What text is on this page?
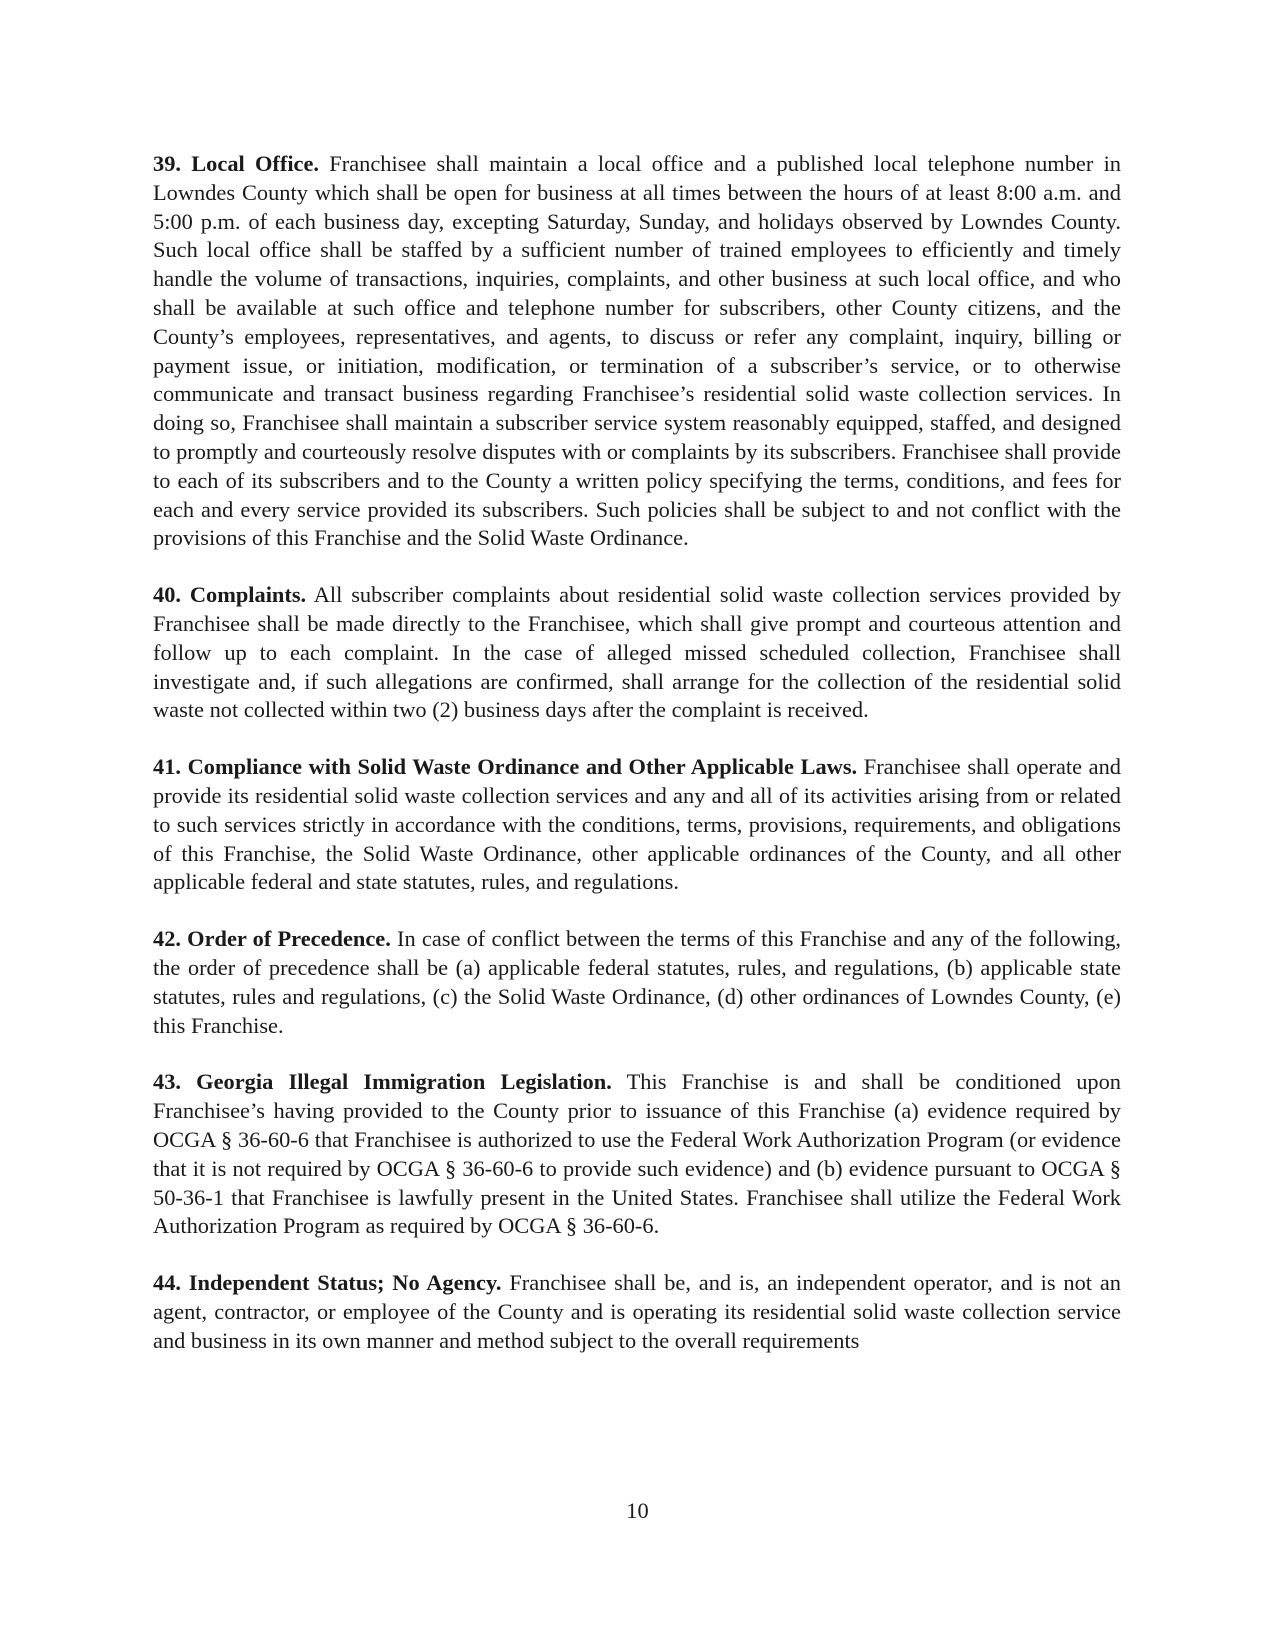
39. Local Office. Franchisee shall maintain a local office and a published local telephone number in Lowndes County which shall be open for business at all times between the hours of at least 8:00 a.m. and 5:00 p.m. of each business day, excepting Saturday, Sunday, and holidays observed by Lowndes County. Such local office shall be staffed by a sufficient number of trained employees to efficiently and timely handle the volume of transactions, inquiries, complaints, and other business at such local office, and who shall be available at such office and telephone number for subscribers, other County citizens, and the County’s employees, representatives, and agents, to discuss or refer any complaint, inquiry, billing or payment issue, or initiation, modification, or termination of a subscriber’s service, or to otherwise communicate and transact business regarding Franchisee’s residential solid waste collection services. In doing so, Franchisee shall maintain a subscriber service system reasonably equipped, staffed, and designed to promptly and courteously resolve disputes with or complaints by its subscribers. Franchisee shall provide to each of its subscribers and to the County a written policy specifying the terms, conditions, and fees for each and every service provided its subscribers. Such policies shall be subject to and not conflict with the provisions of this Franchise and the Solid Waste Ordinance.

40. Complaints. All subscriber complaints about residential solid waste collection services provided by Franchisee shall be made directly to the Franchisee, which shall give prompt and courteous attention and follow up to each complaint. In the case of alleged missed scheduled collection, Franchisee shall investigate and, if such allegations are confirmed, shall arrange for the collection of the residential solid waste not collected within two (2) business days after the complaint is received.

41. Compliance with Solid Waste Ordinance and Other Applicable Laws. Franchisee shall operate and provide its residential solid waste collection services and any and all of its activities arising from or related to such services strictly in accordance with the conditions, terms, provisions, requirements, and obligations of this Franchise, the Solid Waste Ordinance, other applicable ordinances of the County, and all other applicable federal and state statutes, rules, and regulations.

42. Order of Precedence. In case of conflict between the terms of this Franchise and any of the following, the order of precedence shall be (a) applicable federal statutes, rules, and regulations, (b) applicable state statutes, rules and regulations, (c) the Solid Waste Ordinance, (d) other ordinances of Lowndes County, (e) this Franchise.

43. Georgia Illegal Immigration Legislation. This Franchise is and shall be conditioned upon Franchisee’s having provided to the County prior to issuance of this Franchise (a) evidence required by OCGA § 36-60-6 that Franchisee is authorized to use the Federal Work Authorization Program (or evidence that it is not required by OCGA § 36-60-6 to provide such evidence) and (b) evidence pursuant to OCGA § 50-36-1 that Franchisee is lawfully present in the United States. Franchisee shall utilize the Federal Work Authorization Program as required by OCGA § 36-60-6.

44. Independent Status; No Agency. Franchisee shall be, and is, an independent operator, and is not an agent, contractor, or employee of the County and is operating its residential solid waste collection service and business in its own manner and method subject to the overall requirements

10
